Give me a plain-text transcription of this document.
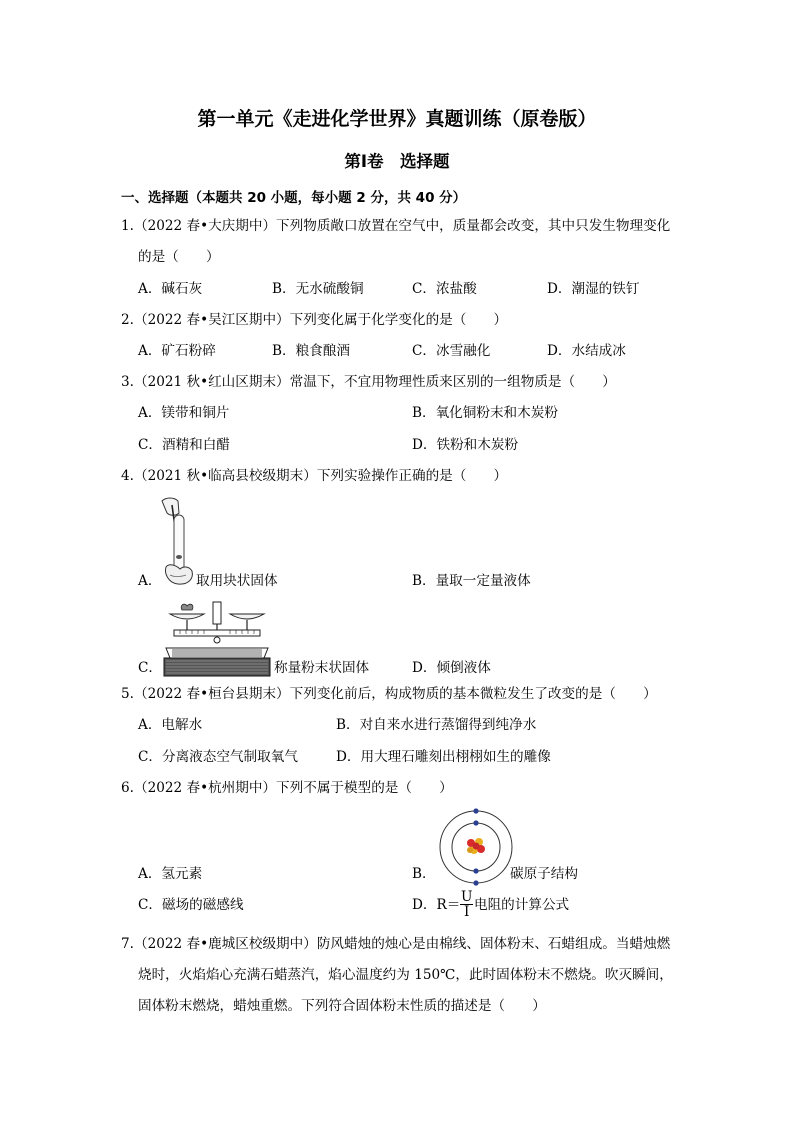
第一单元《走进化学世界》真题训练（原卷版）
第Ⅰ卷　选择题
一、选择题（本题共 20 小题，每小题 2 分，共 40 分）
1.（2022 春•大庆期中）下列物质敞口放置在空气中，质量都会改变，其中只发生物理变化
的是（　　）
A．碱石灰	B．无水硫酸铜	C．浓盐酸	D．潮湿的铁钉
2.（2022 春•吴江区期中）下列变化属于化学变化的是（　　）
A．矿石粉碎	B．粮食酿酒	C．冰雪融化	D．水结成冰
3.（2021 秋•红山区期末）常温下，不宜用物理性质来区别的一组物质是（　　）
A．镁带和铜片	B．氧化铜粉末和木炭粉
C．酒精和白醋	D．铁粉和木炭粉
4.（2021 秋•临高县校级期末）下列实验操作正确的是（　　）
A．	取用块状固体	B．量取一定量液体
C．	称量粉末状固体	D．倾倒液体
5.（2022 春•桓台县期末）下列变化前后，构成物质的基本微粒发生了改变的是（　　）
A．电解水	B．对自来水进行蒸馏得到纯净水
C．分离液态空气制取氧气	D．用大理石雕刻出栩栩如生的雕像
6.（2022 春•杭州期中）下列不属于模型的是（　　）
A．氢元素	B．	碳原子结构
C．磁场的磁感线	D．$R= \frac{U}{I}$ 电阻的计算公式
7.（2022 春•鹿城区校级期中）防风蜡烛的烛心是由棉线、固体粉末、石蜡组成。当蜡烛燃
烧时，火焰焰心充满石蜡蒸汽，焰心温度约为 150℃，此时固体粉末不燃烧。吹灭瞬间，
固体粉末燃烧，蜡烛重燃。下列符合固体粉末性质的描述是（　　）
